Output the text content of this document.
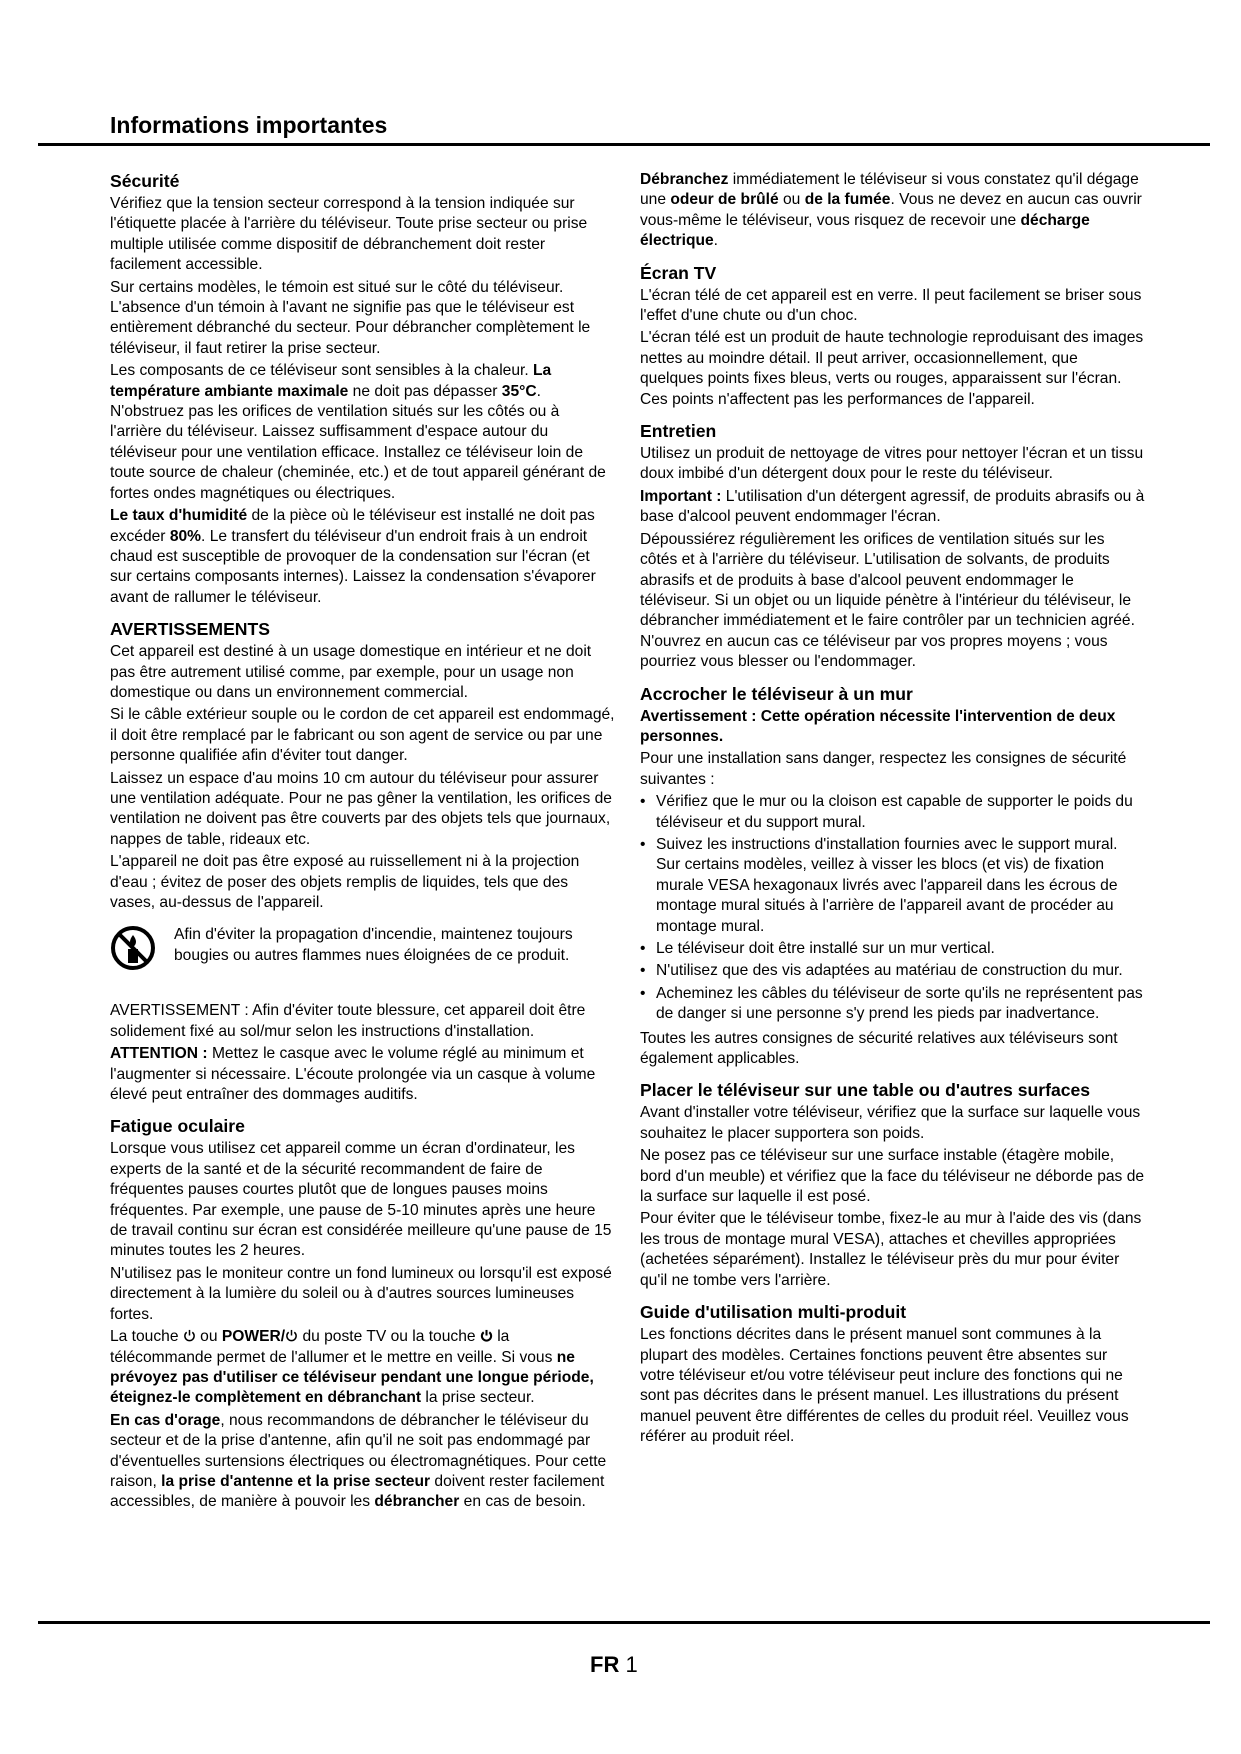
Informations importantes
Sécurité

Vérifiez que la tension secteur correspond à la tension indiquée sur l'étiquette placée à l'arrière du téléviseur. Toute prise secteur ou prise multiple utilisée comme dispositif de débranchement doit rester facilement accessible.

Sur certains modèles, le témoin est situé sur le côté du téléviseur. L'absence d'un témoin à l'avant ne signifie pas que le téléviseur est entièrement débranché du secteur. Pour débrancher complètement le téléviseur, il faut retirer la prise secteur.

Les composants de ce téléviseur sont sensibles à la chaleur. La température ambiante maximale ne doit pas dépasser 35°C. N'obstruez pas les orifices de ventilation situés sur les côtés ou à l'arrière du téléviseur. Laissez suffisamment d'espace autour du téléviseur pour une ventilation efficace. Installez ce téléviseur loin de toute source de chaleur (cheminée, etc.) et de tout appareil générant de fortes ondes magnétiques ou électriques.

Le taux d'humidité de la pièce où le téléviseur est installé ne doit pas excéder 80%. Le transfert du téléviseur d'un endroit frais à un endroit chaud est susceptible de provoquer de la condensation sur l'écran (et sur certains composants internes). Laissez la condensation s'évaporer avant de rallumer le téléviseur.

AVERTISSEMENTS

Cet appareil est destiné à un usage domestique en intérieur et ne doit pas être autrement utilisé comme, par exemple, pour un usage non domestique ou dans un environnement commercial.

Si le câble extérieur souple ou le cordon de cet appareil est endommagé, il doit être remplacé par le fabricant ou son agent de service ou par une personne qualifiée afin d'éviter tout danger.

Laissez un espace d'au moins 10 cm autour du téléviseur pour assurer une ventilation adéquate. Pour ne pas gêner la ventilation, les orifices de ventilation ne doivent pas être couverts par des objets tels que journaux, nappes de table, rideaux etc.

L'appareil ne doit pas être exposé au ruissellement ni à la projection d'eau ; évitez de poser des objets remplis de liquides, tels que des vases, au-dessus de l'appareil.

Afin d'éviter la propagation d'incendie, maintenez toujours bougies ou autres flammes nues éloignées de ce produit.

AVERTISSEMENT : Afin d'éviter toute blessure, cet appareil doit être solidement fixé au sol/mur selon les instructions d'installation.

ATTENTION : Mettez le casque avec le volume réglé au minimum et l'augmenter si nécessaire. L'écoute prolongée via un casque à volume élevé peut entraîner des dommages auditifs.

Fatigue oculaire

Lorsque vous utilisez cet appareil comme un écran d'ordinateur, les experts de la santé et de la sécurité recommandent de faire de fréquentes pauses courtes plutôt que de longues pauses moins fréquentes. Par exemple, une pause de 5-10 minutes après une heure de travail continu sur écran est considérée meilleure qu'une pause de 15 minutes toutes les 2 heures.

N'utilisez pas le moniteur contre un fond lumineux ou lorsqu'il est exposé directement à la lumière du soleil ou à d'autres sources lumineuses fortes.

La touche  ou POWER/ du poste TV ou la touche  la télécommande permet de l'allumer et le mettre en veille. Si vous ne prévoyez pas d'utiliser ce téléviseur pendant une longue période, éteignez-le complètement en débranchant la prise secteur.

En cas d'orage, nous recommandons de débrancher le téléviseur du secteur et de la prise d'antenne, afin qu'il ne soit pas endommagé par d'éventuelles surtensions électriques ou électromagnétiques. Pour cette raison, la prise d'antenne et la prise secteur doivent rester facilement accessibles, de manière à pouvoir les débrancher en cas de besoin.

Débranchez immédiatement le téléviseur si vous constatez qu'il dégage une odeur de brûlé ou de la fumée. Vous ne devez en aucun cas ouvrir vous-même le téléviseur, vous risquez de recevoir une décharge électrique.

Écran TV

L'écran télé de cet appareil est en verre. Il peut facilement se briser sous l'effet d'une chute ou d'un choc.

L'écran télé est un produit de haute technologie reproduisant des images nettes au moindre détail. Il peut arriver, occasionnellement, que quelques points fixes bleus, verts ou rouges, apparaissent sur l'écran. Ces points n'affectent pas les performances de l'appareil.

Entretien

Utilisez un produit de nettoyage de vitres pour nettoyer l'écran et un tissu doux imbibé d'un détergent doux pour le reste du téléviseur.

Important : L'utilisation d'un détergent agressif, de produits abrasifs ou à base d'alcool peuvent endommager l'écran.

Dépoussiérez régulièrement les orifices de ventilation situés sur les côtés et à l'arrière du téléviseur. L'utilisation de solvants, de produits abrasifs et de produits à base d'alcool peuvent endommager le téléviseur. Si un objet ou un liquide pénètre à l'intérieur du téléviseur, le débrancher immédiatement et le faire contrôler par un technicien agréé. N'ouvrez en aucun cas ce téléviseur par vos propres moyens ; vous pourriez vous blesser ou l'endommager.

Accrocher le téléviseur à un mur

Avertissement : Cette opération nécessite l'intervention de deux personnes.

Pour une installation sans danger, respectez les consignes de sécurité suivantes :

• Vérifiez que le mur ou la cloison est capable de supporter le poids du téléviseur et du support mural.
• Suivez les instructions d'installation fournies avec le support mural. Sur certains modèles, veillez à visser les blocs (et vis) de fixation murale VESA hexagonaux livrés avec l'appareil dans les écrous de montage mural situés à l'arrière de l'appareil avant de procéder au montage mural.
• Le téléviseur doit être installé sur un mur vertical.
• N'utilisez que des vis adaptées au matériau de construction du mur.
• Acheminez les câbles du téléviseur de sorte qu'ils ne représentent pas de danger si une personne s'y prend les pieds par inadvertance.

Toutes les autres consignes de sécurité relatives aux téléviseurs sont également applicables.

Placer le téléviseur sur une table ou d'autres surfaces

Avant d'installer votre téléviseur, vérifiez que la surface sur laquelle vous souhaitez le placer supportera son poids.

Ne posez pas ce téléviseur sur une surface instable (étagère mobile, bord d'un meuble) et vérifiez que la face du téléviseur ne déborde pas de la surface sur laquelle il est posé.

Pour éviter que le téléviseur tombe, fixez-le au mur à l'aide des vis (dans les trous de montage mural VESA), attaches et chevilles appropriées (achetées séparément). Installez le téléviseur près du mur pour éviter qu'il ne tombe vers l'arrière.

Guide d'utilisation multi-produit

Les fonctions décrites dans le présent manuel sont communes à la plupart des modèles. Certaines fonctions peuvent être absentes sur votre téléviseur et/ou votre téléviseur peut inclure des fonctions qui ne sont pas décrites dans le présent manuel. Les illustrations du présent manuel peuvent être différentes de celles du produit réel. Veuillez vous référer au produit réel.

FR 1
